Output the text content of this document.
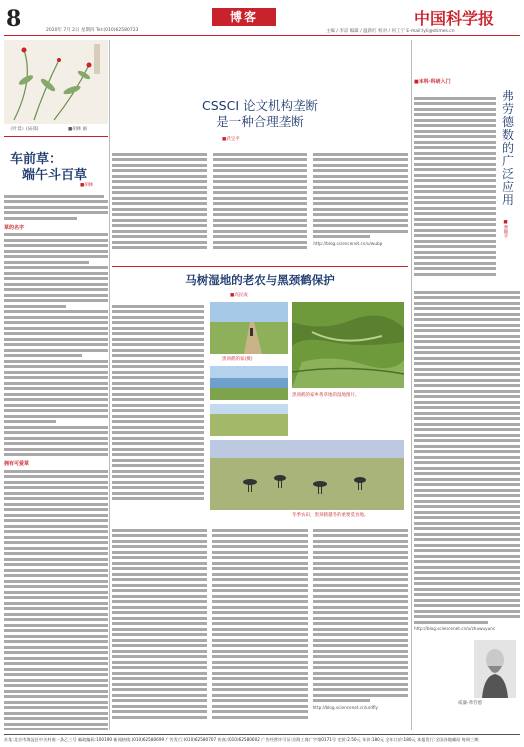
8	2020年 7月 2日 星期四 Tel:(010)62580723
博客	中国科学报
主编 / 李凉 编辑 / 温新红 校对 / 何工宁 E-mail:lyli@stimes.cn
《叶景》(局部)	■胡林 画
车前草：
端午斗百草
■胡林
草的名字
拥有可爱草
CSSCI 论文机构垄断
是一种合理垄断
■武宝平
http://blog.sciencenet.cn/u/wubp
■本科·科研入门
弗
劳
德
数
的
广
泛
应
用
■曹顺平
http://blog.sciencenet.cn/u/zhuwuyunc
威廉·弗劳德
马树湿地的老农与黑颈鹤保护
■高民成
黑颈鹤的家(摄)
黑颈鹤的家乡黄草地的湿地图片。
冬季农田，黑颈鹤越冬的重要觅食地。
http://blog.sciencenet.cn/u/dfly
社址:北京市海淀区中关村南一条乙三号 邮政编码:100190 新闻热线:(010)62580699 广告发行:(010)62580707 传真:(010)62580602 广告经营许可证:京海工商广字第0171号 定价:2.50元 年价:180元 全年订价:180元 本报发行:全国各地邮局 每周三期
